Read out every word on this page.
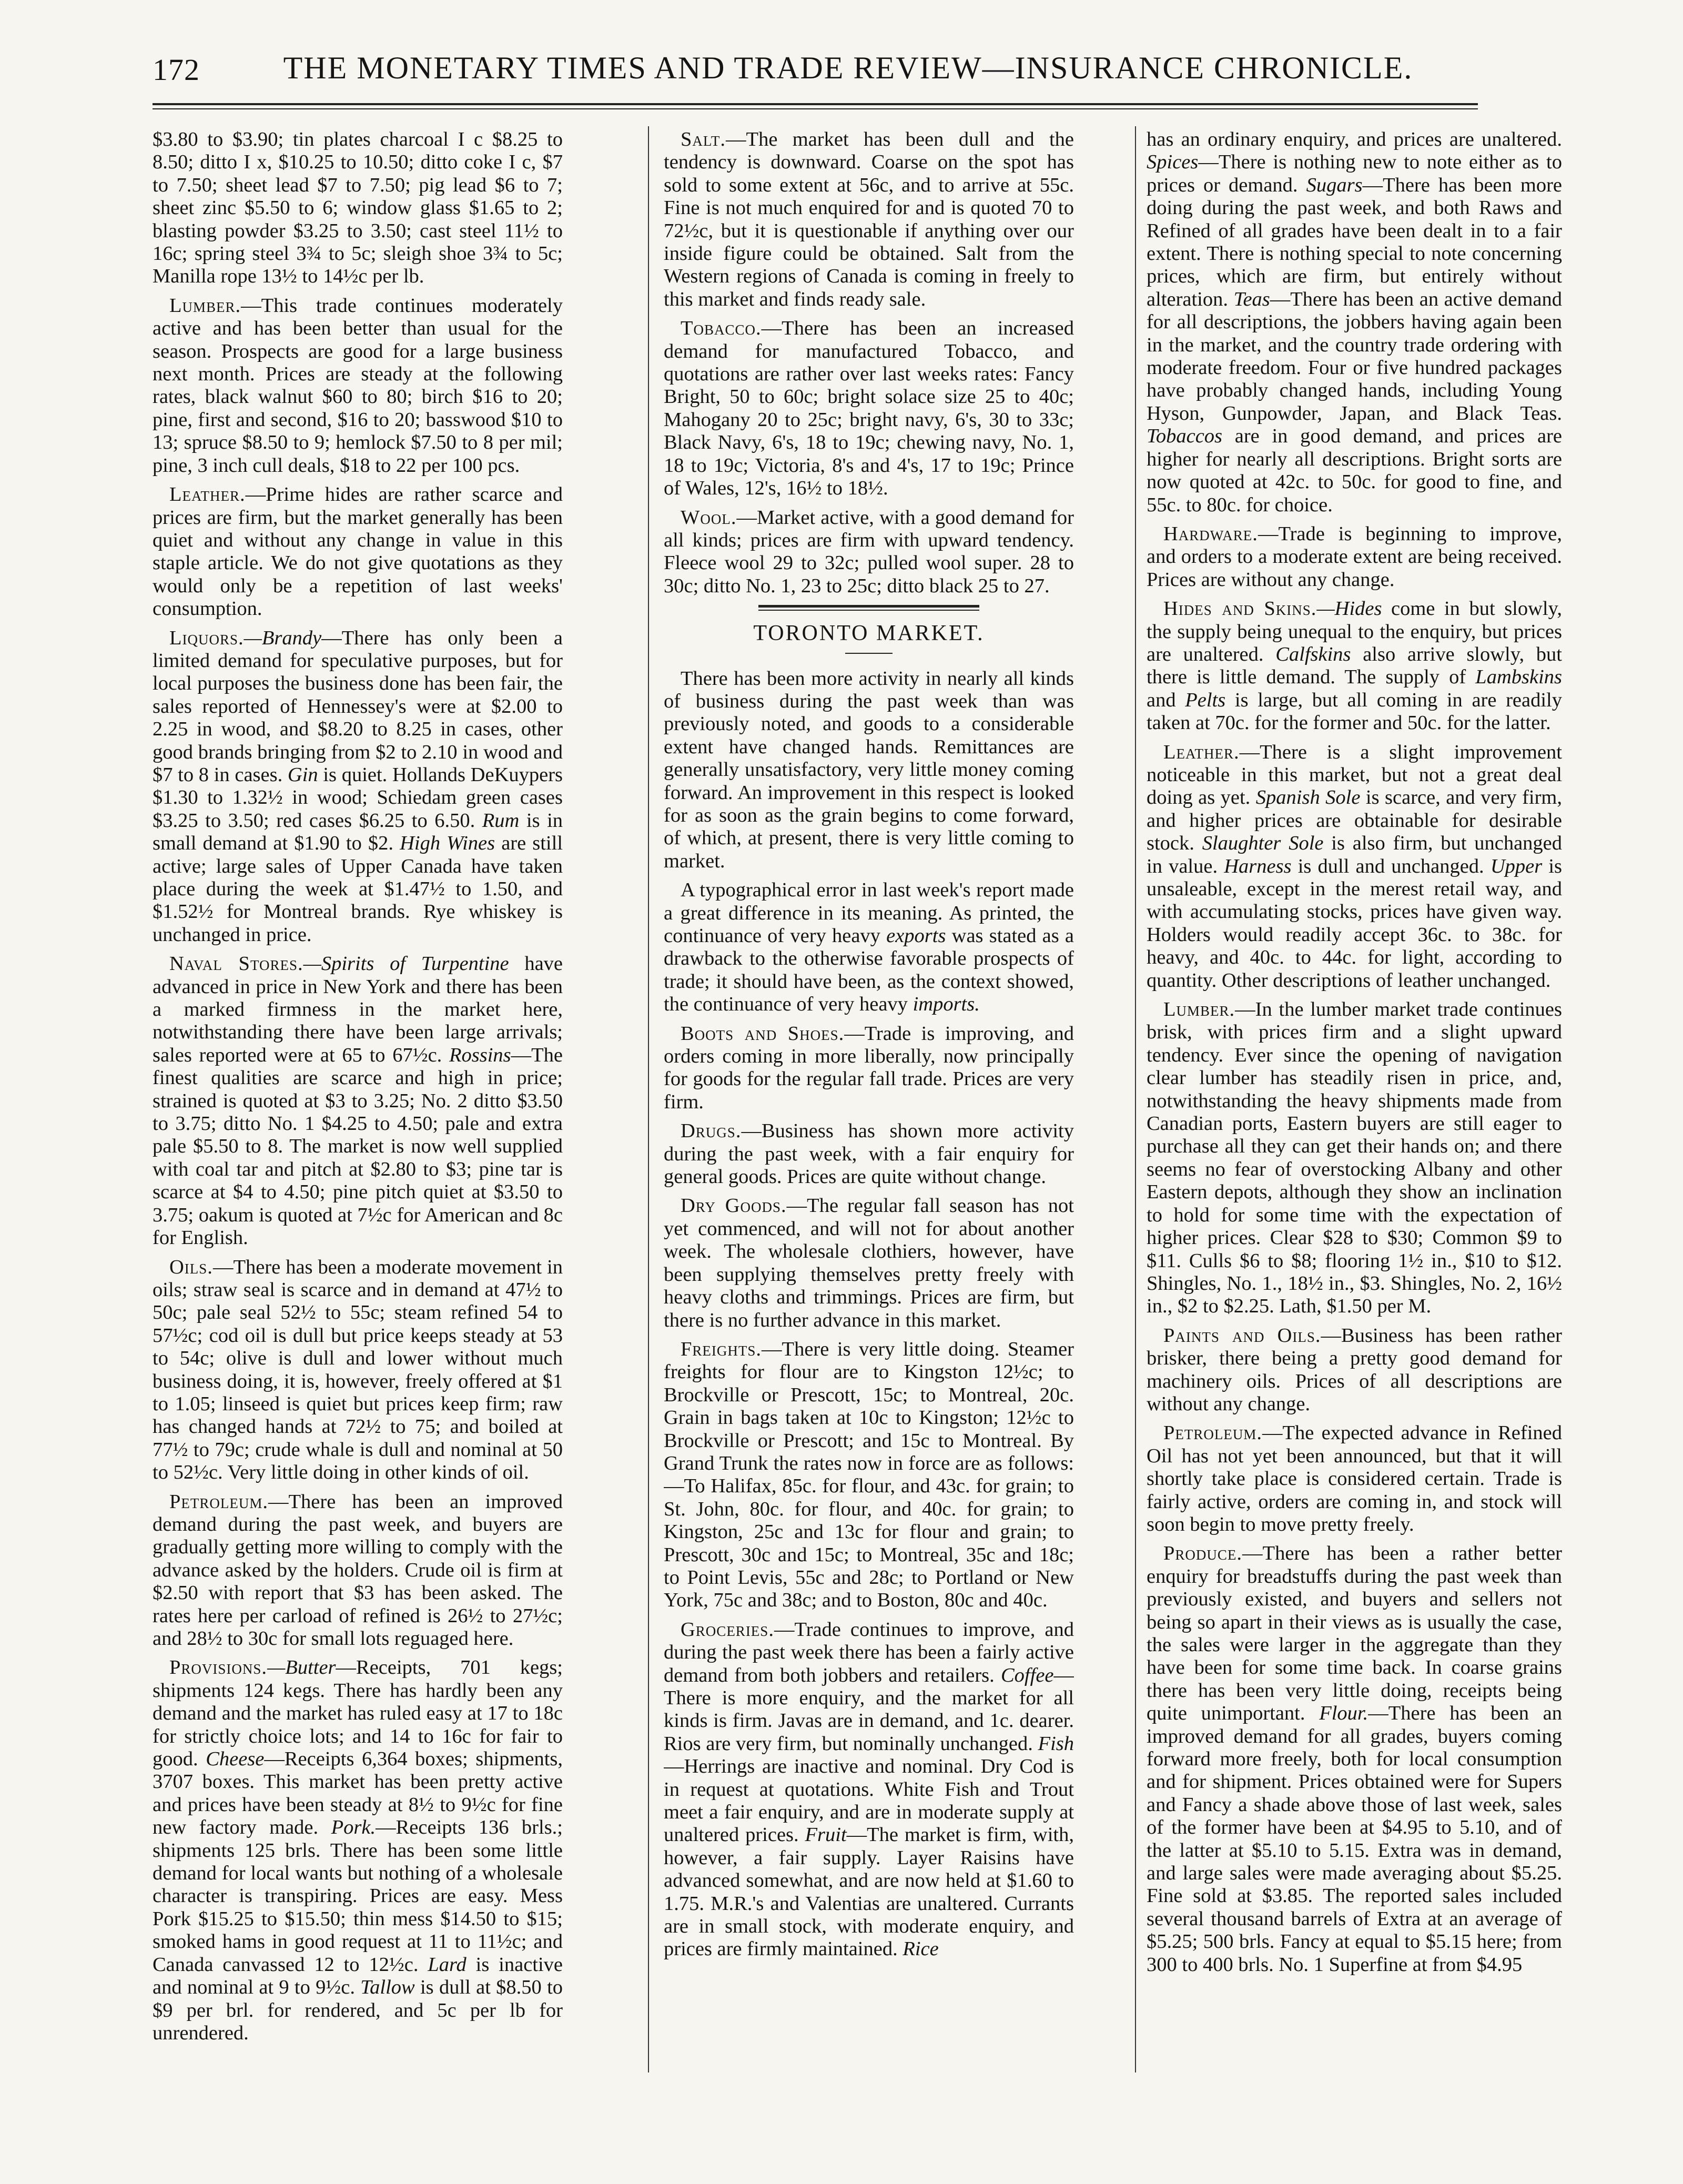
172	THE MONETARY TIMES AND TRADE REVIEW—INSURANCE CHRONICLE.

$3.80 to $3.90; tin plates charcoal I c $8.25 to 8.50; ditto I x, $10.25 to 10.50; ditto coke I c, $7 to 7.50; sheet lead $7 to 7.50; pig lead $6 to 7; sheet zinc $5.50 to 6; window glass $1.65 to 2; blasting powder $3.25 to 3.50; cast steel 11½ to 16c; spring steel 3¾ to 5c; sleigh shoe 3¾ to 5c; Manilla rope 13½ to 14½c per lb.

Lumber.—This trade continues moderately active and has been better than usual for the season. Prospects are good for a large business next month. Prices are steady at the following rates, black walnut $60 to 80; birch $16 to 20; pine, first and second, $16 to 20; basswood $10 to 13; spruce $8.50 to 9; hemlock $7.50 to 8 per mil; pine, 3 inch cull deals, $18 to 22 per 100 pcs.

Leather.—Prime hides are rather scarce and prices are firm, but the market generally has been quiet and without any change in value in this staple article. We do not give quotations as they would only be a repetition of last weeks' consumption.

Liquors.—Brandy—There has only been a limited demand for speculative purposes, but for local purposes the business done has been fair, the sales reported of Hennessey's were at $2.00 to 2.25 in wood, and $8.20 to 8.25 in cases, other good brands bringing from $2 to 2.10 in wood and $7 to 8 in cases. Gin is quiet. Hollands DeKuypers $1.30 to 1.32½ in wood; Schiedam green cases $3.25 to 3.50; red cases $6.25 to 6.50. Rum is in small demand at $1.90 to $2. High Wines are still active; large sales of Upper Canada have taken place during the week at $1.47½ to 1.50, and $1.52½ for Montreal brands. Rye whiskey is unchanged in price.

Naval Stores.—Spirits of Turpentine have advanced in price in New York and there has been a marked firmness in the market here, notwithstanding there have been large arrivals; sales reported were at 65 to 67½c. Rossins—The finest qualities are scarce and high in price; strained is quoted at $3 to 3.25; No. 2 ditto $3.50 to 3.75; ditto No. 1 $4.25 to 4.50; pale and extra pale $5.50 to 8. The market is now well supplied with coal tar and pitch at $2.80 to $3; pine tar is scarce at $4 to 4.50; pine pitch quiet at $3.50 to 3.75; oakum is quoted at 7½c for American and 8c for English.

Oils.—There has been a moderate movement in oils; straw seal is scarce and in demand at 47½ to 50c; pale seal 52½ to 55c; steam refined 54 to 57½c; cod oil is dull but price keeps steady at 53 to 54c; olive is dull and lower without much business doing, it is, however, freely offered at $1 to 1.05; linseed is quiet but prices keep firm; raw has changed hands at 72½ to 75; and boiled at 77½ to 79c; crude whale is dull and nominal at 50 to 52½c. Very little doing in other kinds of oil.

Petroleum.—There has been an improved demand during the past week, and buyers are gradually getting more willing to comply with the advance asked by the holders. Crude oil is firm at $2.50 with report that $3 has been asked. The rates here per carload of refined is 26½ to 27½c; and 28½ to 30c for small lots reguaged here.

Provisions.—Butter—Receipts, 701 kegs; shipments 124 kegs. There has hardly been any demand and the market has ruled easy at 17 to 18c for strictly choice lots; and 14 to 16c for fair to good. Cheese—Receipts 6,364 boxes; shipments, 3707 boxes. This market has been pretty active and prices have been steady at 8½ to 9½c for fine new factory made. Pork.—Receipts 136 brls.; shipments 125 brls. There has been some little demand for local wants but nothing of a wholesale character is transpiring. Prices are easy. Mess Pork $15.25 to $15.50; thin mess $14.50 to $15; smoked hams in good request at 11 to 11½c; and Canada canvassed 12 to 12½c. Lard is inactive and nominal at 9 to 9½c. Tallow is dull at $8.50 to $9 per brl. for rendered, and 5c per lb for unrendered.

Salt.—The market has been dull and the tendency is downward. Coarse on the spot has sold to some extent at 56c, and to arrive at 55c. Fine is not much enquired for and is quoted 70 to 72½c, but it is questionable if anything over our inside figure could be obtained. Salt from the Western regions of Canada is coming in freely to this market and finds ready sale.

Tobacco.—There has been an increased demand for manufactured Tobacco, and quotations are rather over last weeks rates: Fancy Bright, 50 to 60c; bright solace size 25 to 40c; Mahogany 20 to 25c; bright navy, 6's, 30 to 33c; Black Navy, 6's, 18 to 19c; chewing navy, No. 1, 18 to 19c; Victoria, 8's and 4's, 17 to 19c; Prince of Wales, 12's, 16½ to 18½.

Wool.—Market active, with a good demand for all kinds; prices are firm with upward tendency. Fleece wool 29 to 32c; pulled wool super. 28 to 30c; ditto No. 1, 23 to 25c; ditto black 25 to 27.

TORONTO MARKET.

There has been more activity in nearly all kinds of business during the past week than was previously noted, and goods to a considerable extent have changed hands. Remittances are generally unsatisfactory, very little money coming forward. An improvement in this respect is looked for as soon as the grain begins to come forward, of which, at present, there is very little coming to market.

A typographical error in last week's report made a great difference in its meaning. As printed, the continuance of very heavy exports was stated as a drawback to the otherwise favorable prospects of trade; it should have been, as the context showed, the continuance of very heavy imports.

Boots and Shoes.—Trade is improving, and orders coming in more liberally, now principally for goods for the regular fall trade. Prices are very firm.

Drugs.—Business has shown more activity during the past week, with a fair enquiry for general goods. Prices are quite without change.

Dry Goods.—The regular fall season has not yet commenced, and will not for about another week. The wholesale clothiers, however, have been supplying themselves pretty freely with heavy cloths and trimmings. Prices are firm, but there is no further advance in this market.

Freights.—There is very little doing. Steamer freights for flour are to Kingston 12½c; to Brockville or Prescott, 15c; to Montreal, 20c. Grain in bags taken at 10c to Kingston; 12½c to Brockville or Prescott; and 15c to Montreal. By Grand Trunk the rates now in force are as follows:—To Halifax, 85c. for flour, and 43c. for grain; to St. John, 80c. for flour, and 40c. for grain; to Kingston, 25c and 13c for flour and grain; to Prescott, 30c and 15c; to Montreal, 35c and 18c; to Point Levis, 55c and 28c; to Portland or New York, 75c and 38c; and to Boston, 80c and 40c.

Groceries.—Trade continues to improve, and during the past week there has been a fairly active demand from both jobbers and retailers. Coffee—There is more enquiry, and the market for all kinds is firm. Javas are in demand, and 1c. dearer. Rios are very firm, but nominally unchanged. Fish—Herrings are inactive and nominal. Dry Cod is in request at quotations. White Fish and Trout meet a fair enquiry, and are in moderate supply at unaltered prices. Fruit—The market is firm, with, however, a fair supply. Layer Raisins have advanced somewhat, and are now held at $1.60 to 1.75. M.R.'s and Valentias are unaltered. Currants are in small stock, with moderate enquiry, and prices are firmly maintained. Rice

has an ordinary enquiry, and prices are unaltered. Spices—There is nothing new to note either as to prices or demand. Sugars—There has been more doing during the past week, and both Raws and Refined of all grades have been dealt in to a fair extent. There is nothing special to note concerning prices, which are firm, but entirely without alteration. Teas—There has been an active demand for all descriptions, the jobbers having again been in the market, and the country trade ordering with moderate freedom. Four or five hundred packages have probably changed hands, including Young Hyson, Gunpowder, Japan, and Black Teas. Tobaccos are in good demand, and prices are higher for nearly all descriptions. Bright sorts are now quoted at 42c. to 50c. for good to fine, and 55c. to 80c. for choice.

Hardware.—Trade is beginning to improve, and orders to a moderate extent are being received. Prices are without any change.

Hides and Skins.—Hides come in but slowly, the supply being unequal to the enquiry, but prices are unaltered. Calfskins also arrive slowly, but there is little demand. The supply of Lambskins and Pelts is large, but all coming in are readily taken at 70c. for the former and 50c. for the latter.

Leather.—There is a slight improvement noticeable in this market, but not a great deal doing as yet. Spanish Sole is scarce, and very firm, and higher prices are obtainable for desirable stock. Slaughter Sole is also firm, but unchanged in value. Harness is dull and unchanged. Upper is unsaleable, except in the merest retail way, and with accumulating stocks, prices have given way. Holders would readily accept 36c. to 38c. for heavy, and 40c. to 44c. for light, according to quantity. Other descriptions of leather unchanged.

Lumber.—In the lumber market trade continues brisk, with prices firm and a slight upward tendency. Ever since the opening of navigation clear lumber has steadily risen in price, and, notwithstanding the heavy shipments made from Canadian ports, Eastern buyers are still eager to purchase all they can get their hands on; and there seems no fear of overstocking Albany and other Eastern depots, although they show an inclination to hold for some time with the expectation of higher prices. Clear $28 to $30; Common $9 to $11. Culls $6 to $8; flooring 1½ in., $10 to $12. Shingles, No. 1., 18½ in., $3. Shingles, No. 2, 16½ in., $2 to $2.25. Lath, $1.50 per M.

Paints and Oils.—Business has been rather brisker, there being a pretty good demand for machinery oils. Prices of all descriptions are without any change.

Petroleum.—The expected advance in Refined Oil has not yet been announced, but that it will shortly take place is considered certain. Trade is fairly active, orders are coming in, and stock will soon begin to move pretty freely.

Produce.—There has been a rather better enquiry for breadstuffs during the past week than previously existed, and buyers and sellers not being so apart in their views as is usually the case, the sales were larger in the aggregate than they have been for some time back. In coarse grains there has been very little doing, receipts being quite unimportant. Flour.—There has been an improved demand for all grades, buyers coming forward more freely, both for local consumption and for shipment. Prices obtained were for Supers and Fancy a shade above those of last week, sales of the former have been at $4.95 to 5.10, and of the latter at $5.10 to 5.15. Extra was in demand, and large sales were made averaging about $5.25. Fine sold at $3.85. The reported sales included several thousand barrels of Extra at an average of $5.25; 500 brls. Fancy at equal to $5.15 here; from 300 to 400 brls. No. 1 Superfine at from $4.95
